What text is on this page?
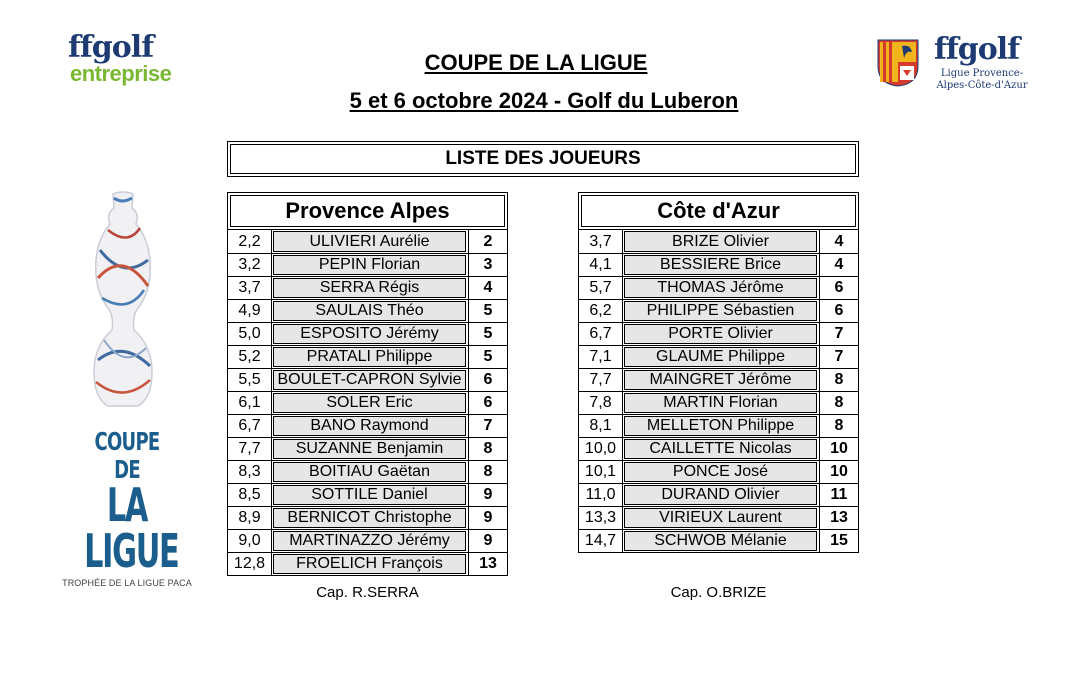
ffgolf
entreprise
ffgolf
Ligue Provence-
Alpes-Côte-d'Azur
COUPE DE
LA LIGUE
TROPHÉE DE LA LIGUE PACA
COUPE DE LA LIGUE
5 et 6 octobre 2024 - Golf du Luberon
LISTE DES JOUEURS
Provence Alpes
2,2	ULIVIERI Aurélie	2
3,2	PEPIN Florian	3
3,7	SERRA Régis	4
4,9	SAULAIS Théo	5
5,0	ESPOSITO Jérémy	5
5,2	PRATALI Philippe	5
5,5	BOULET-CAPRON Sylvie	6
6,1	SOLER Eric	6
6,7	BANO Raymond	7
7,7	SUZANNE Benjamin	8
8,3	BOITIAU Gaëtan	8
8,5	SOTTILE Daniel	9
8,9	BERNICOT Christophe	9
9,0	MARTINAZZO Jérémy	9
12,8	FROELICH François	13
Cap. R.SERRA
Côte d'Azur
3,7	BRIZE Olivier	4
4,1	BESSIERE Brice	4
5,7	THOMAS Jérôme	6
6,2	PHILIPPE Sébastien	6
6,7	PORTE Olivier	7
7,1	GLAUME Philippe	7
7,7	MAINGRET Jérôme	8
7,8	MARTIN Florian	8
8,1	MELLETON Philippe	8
10,0	CAILLETTE Nicolas	10
10,1	PONCE José	10
11,0	DURAND Olivier	11
13,3	VIRIEUX Laurent	13
14,7	SCHWOB Mélanie	15
Cap. O.BRIZE
